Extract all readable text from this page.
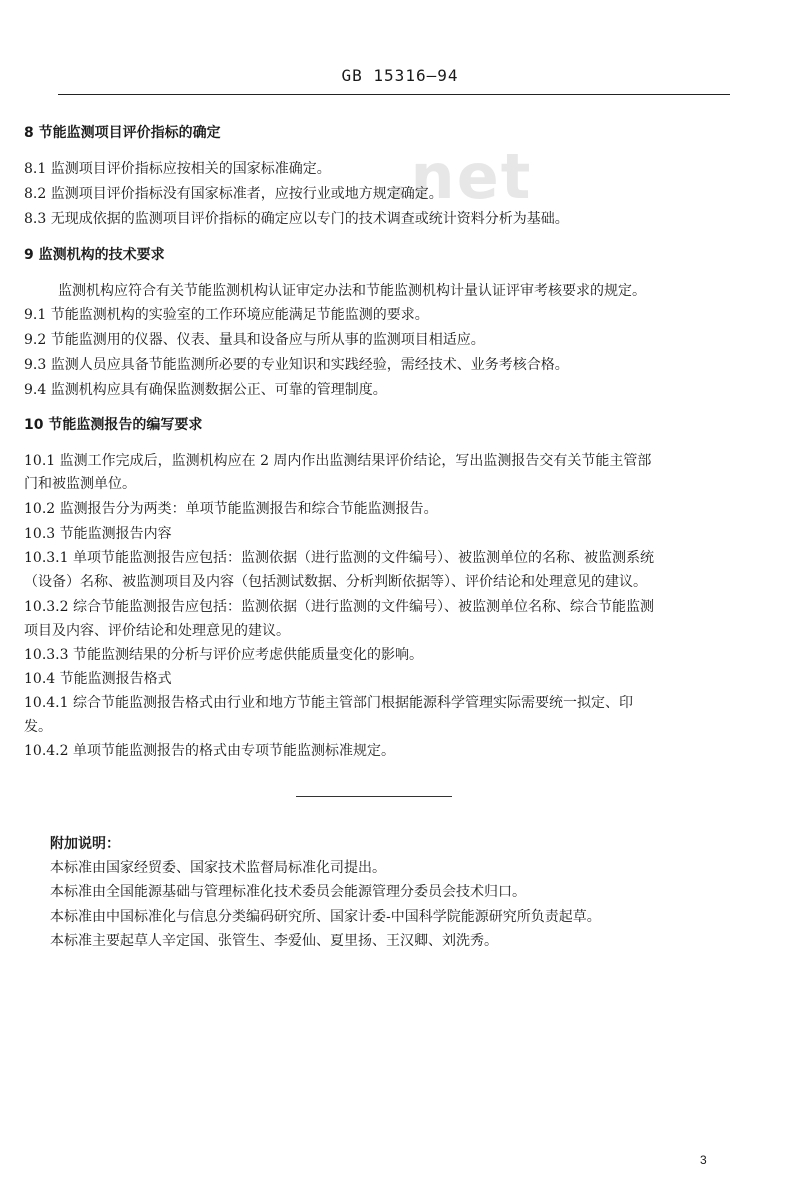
GB 15316—94
.net
8 节能监测项目评价指标的确定
8.1 监测项目评价指标应按相关的国家标准确定。
8.2 监测项目评价指标没有国家标准者，应按行业或地方规定确定。
8.3 无现成依据的监测项目评价指标的确定应以专门的技术调查或统计资料分析为基础。
9 监测机构的技术要求
监测机构应符合有关节能监测机构认证审定办法和节能监测机构计量认证评审考核要求的规定。
9.1 节能监测机构的实验室的工作环境应能满足节能监测的要求。
9.2 节能监测用的仪器、仪表、量具和设备应与所从事的监测项目相适应。
9.3 监测人员应具备节能监测所必要的专业知识和实践经验，需经技术、业务考核合格。
9.4 监测机构应具有确保监测数据公正、可靠的管理制度。
10 节能监测报告的编写要求
10.1 监测工作完成后，监测机构应在 2 周内作出监测结果评价结论，写出监测报告交有关节能主管部
门和被监测单位。
10.2 监测报告分为两类：单项节能监测报告和综合节能监测报告。
10.3 节能监测报告内容
10.3.1 单项节能监测报告应包括：监测依据（进行监测的文件编号）、被监测单位的名称、被监测系统
（设备）名称、被监测项目及内容（包括测试数据、分析判断依据等）、评价结论和处理意见的建议。
10.3.2 综合节能监测报告应包括：监测依据（进行监测的文件编号）、被监测单位名称、综合节能监测
项目及内容、评价结论和处理意见的建议。
10.3.3 节能监测结果的分析与评价应考虑供能质量变化的影响。
10.4 节能监测报告格式
10.4.1 综合节能监测报告格式由行业和地方节能主管部门根据能源科学管理实际需要统一拟定、印
发。
10.4.2 单项节能监测报告的格式由专项节能监测标准规定。
附加说明：
本标准由国家经贸委、国家技术监督局标准化司提出。
本标准由全国能源基础与管理标准化技术委员会能源管理分委员会技术归口。
本标准由中国标准化与信息分类编码研究所、国家计委-中国科学院能源研究所负责起草。
本标准主要起草人辛定国、张管生、李爱仙、夏里扬、王汉卿、刘洗秀。
3
